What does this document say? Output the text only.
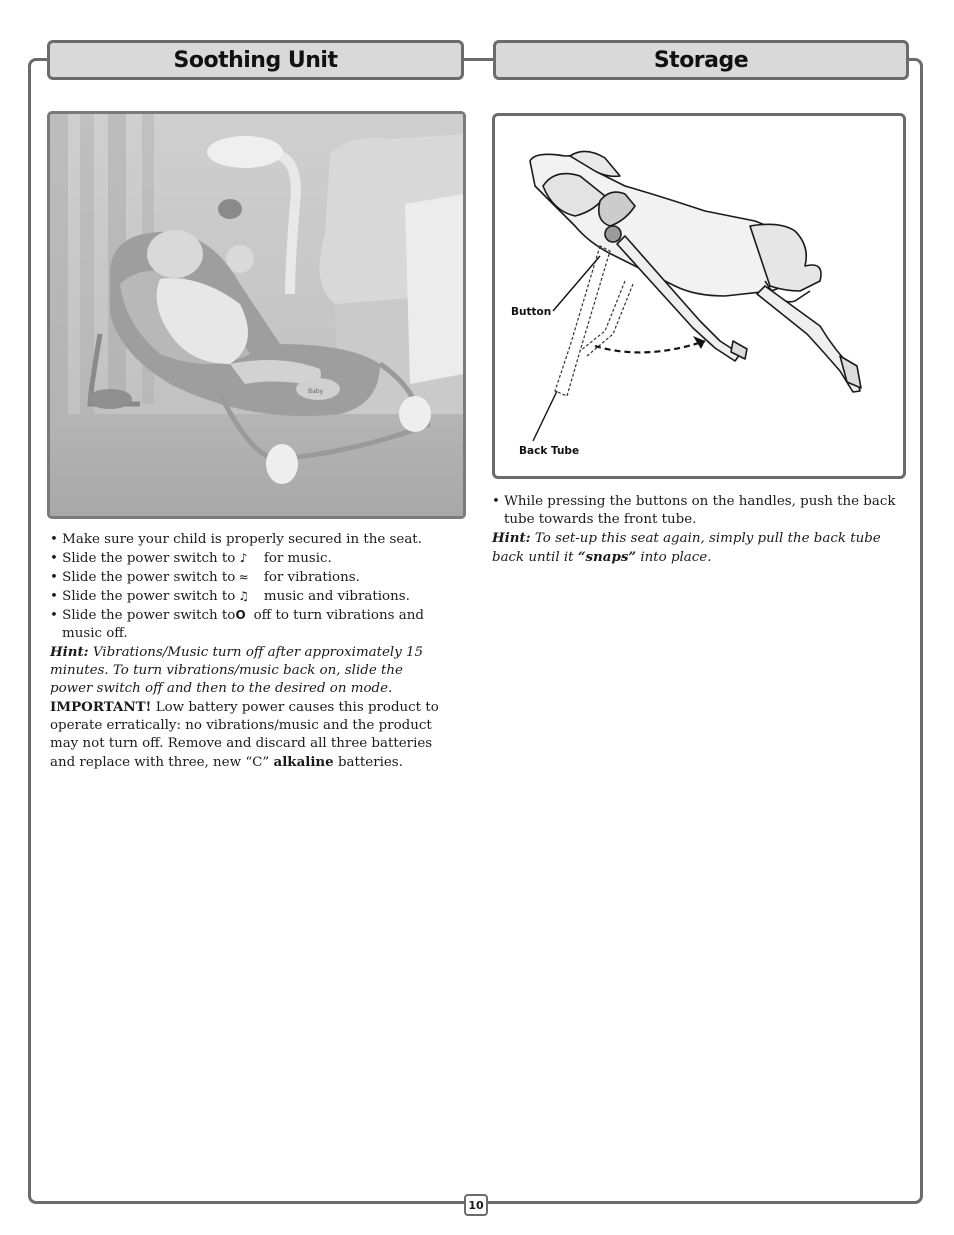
Soothing Unit	Storage
Baby
Button
Back Tube

• Make sure your child is properly secured in the seat.

• Slide the power switch to ♪ for music.

• Slide the power switch to ≈ for vibrations.

• Slide the power switch to ♫ music and vibrations.

• Slide the power switch to O off to turn vibrations and music off.

Hint: Vibrations/Music turn off after approximately 15 minutes. To turn vibrations/music back on, slide the power switch off and then to the desired on mode.

IMPORTANT! Low battery power causes this product to operate erratically: no vibrations/music and the product may not turn off. Remove and discard all three batteries and replace with three, new “C” alkaline batteries.

• While pressing the buttons on the handles, push the back tube towards the front tube.

Hint: To set-up this seat again, simply pull the back tube back until it “snaps” into place.

10
